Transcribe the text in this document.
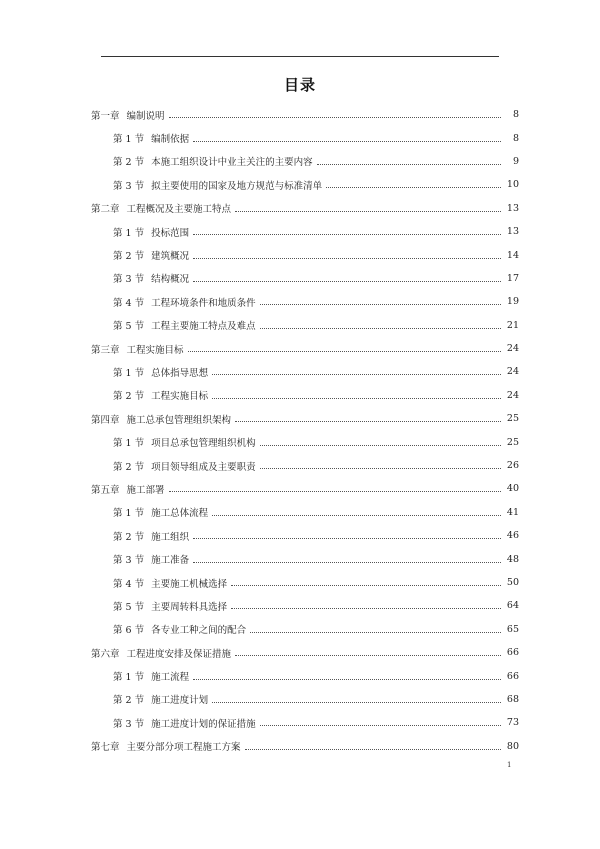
目录
第一章 编制说明	8
第 1 节 编制依据	8
第 2 节 本施工组织设计中业主关注的主要内容	9
第 3 节 拟主要使用的国家及地方规范与标准清单	10
第二章 工程概况及主要施工特点	13
第 1 节 投标范围	13
第 2 节 建筑概况	14
第 3 节 结构概况	17
第 4 节 工程环境条件和地质条件	19
第 5 节 工程主要施工特点及难点	21
第三章 工程实施目标	24
第 1 节 总体指导思想	24
第 2 节 工程实施目标	24
第四章 施工总承包管理组织架构	25
第 1 节 项目总承包管理组织机构	25
第 2 节 项目领导组成及主要职责	26
第五章 施工部署	40
第 1 节 施工总体流程	41
第 2 节 施工组织	46
第 3 节 施工准备	48
第 4 节 主要施工机械选择	50
第 5 节 主要周转料具选择	64
第 6 节 各专业工种之间的配合	65
第六章 工程进度安排及保证措施	66
第 1 节 施工流程	66
第 2 节 施工进度计划	68
第 3 节 施工进度计划的保证措施	73
第七章 主要分部分项工程施工方案	80
1
